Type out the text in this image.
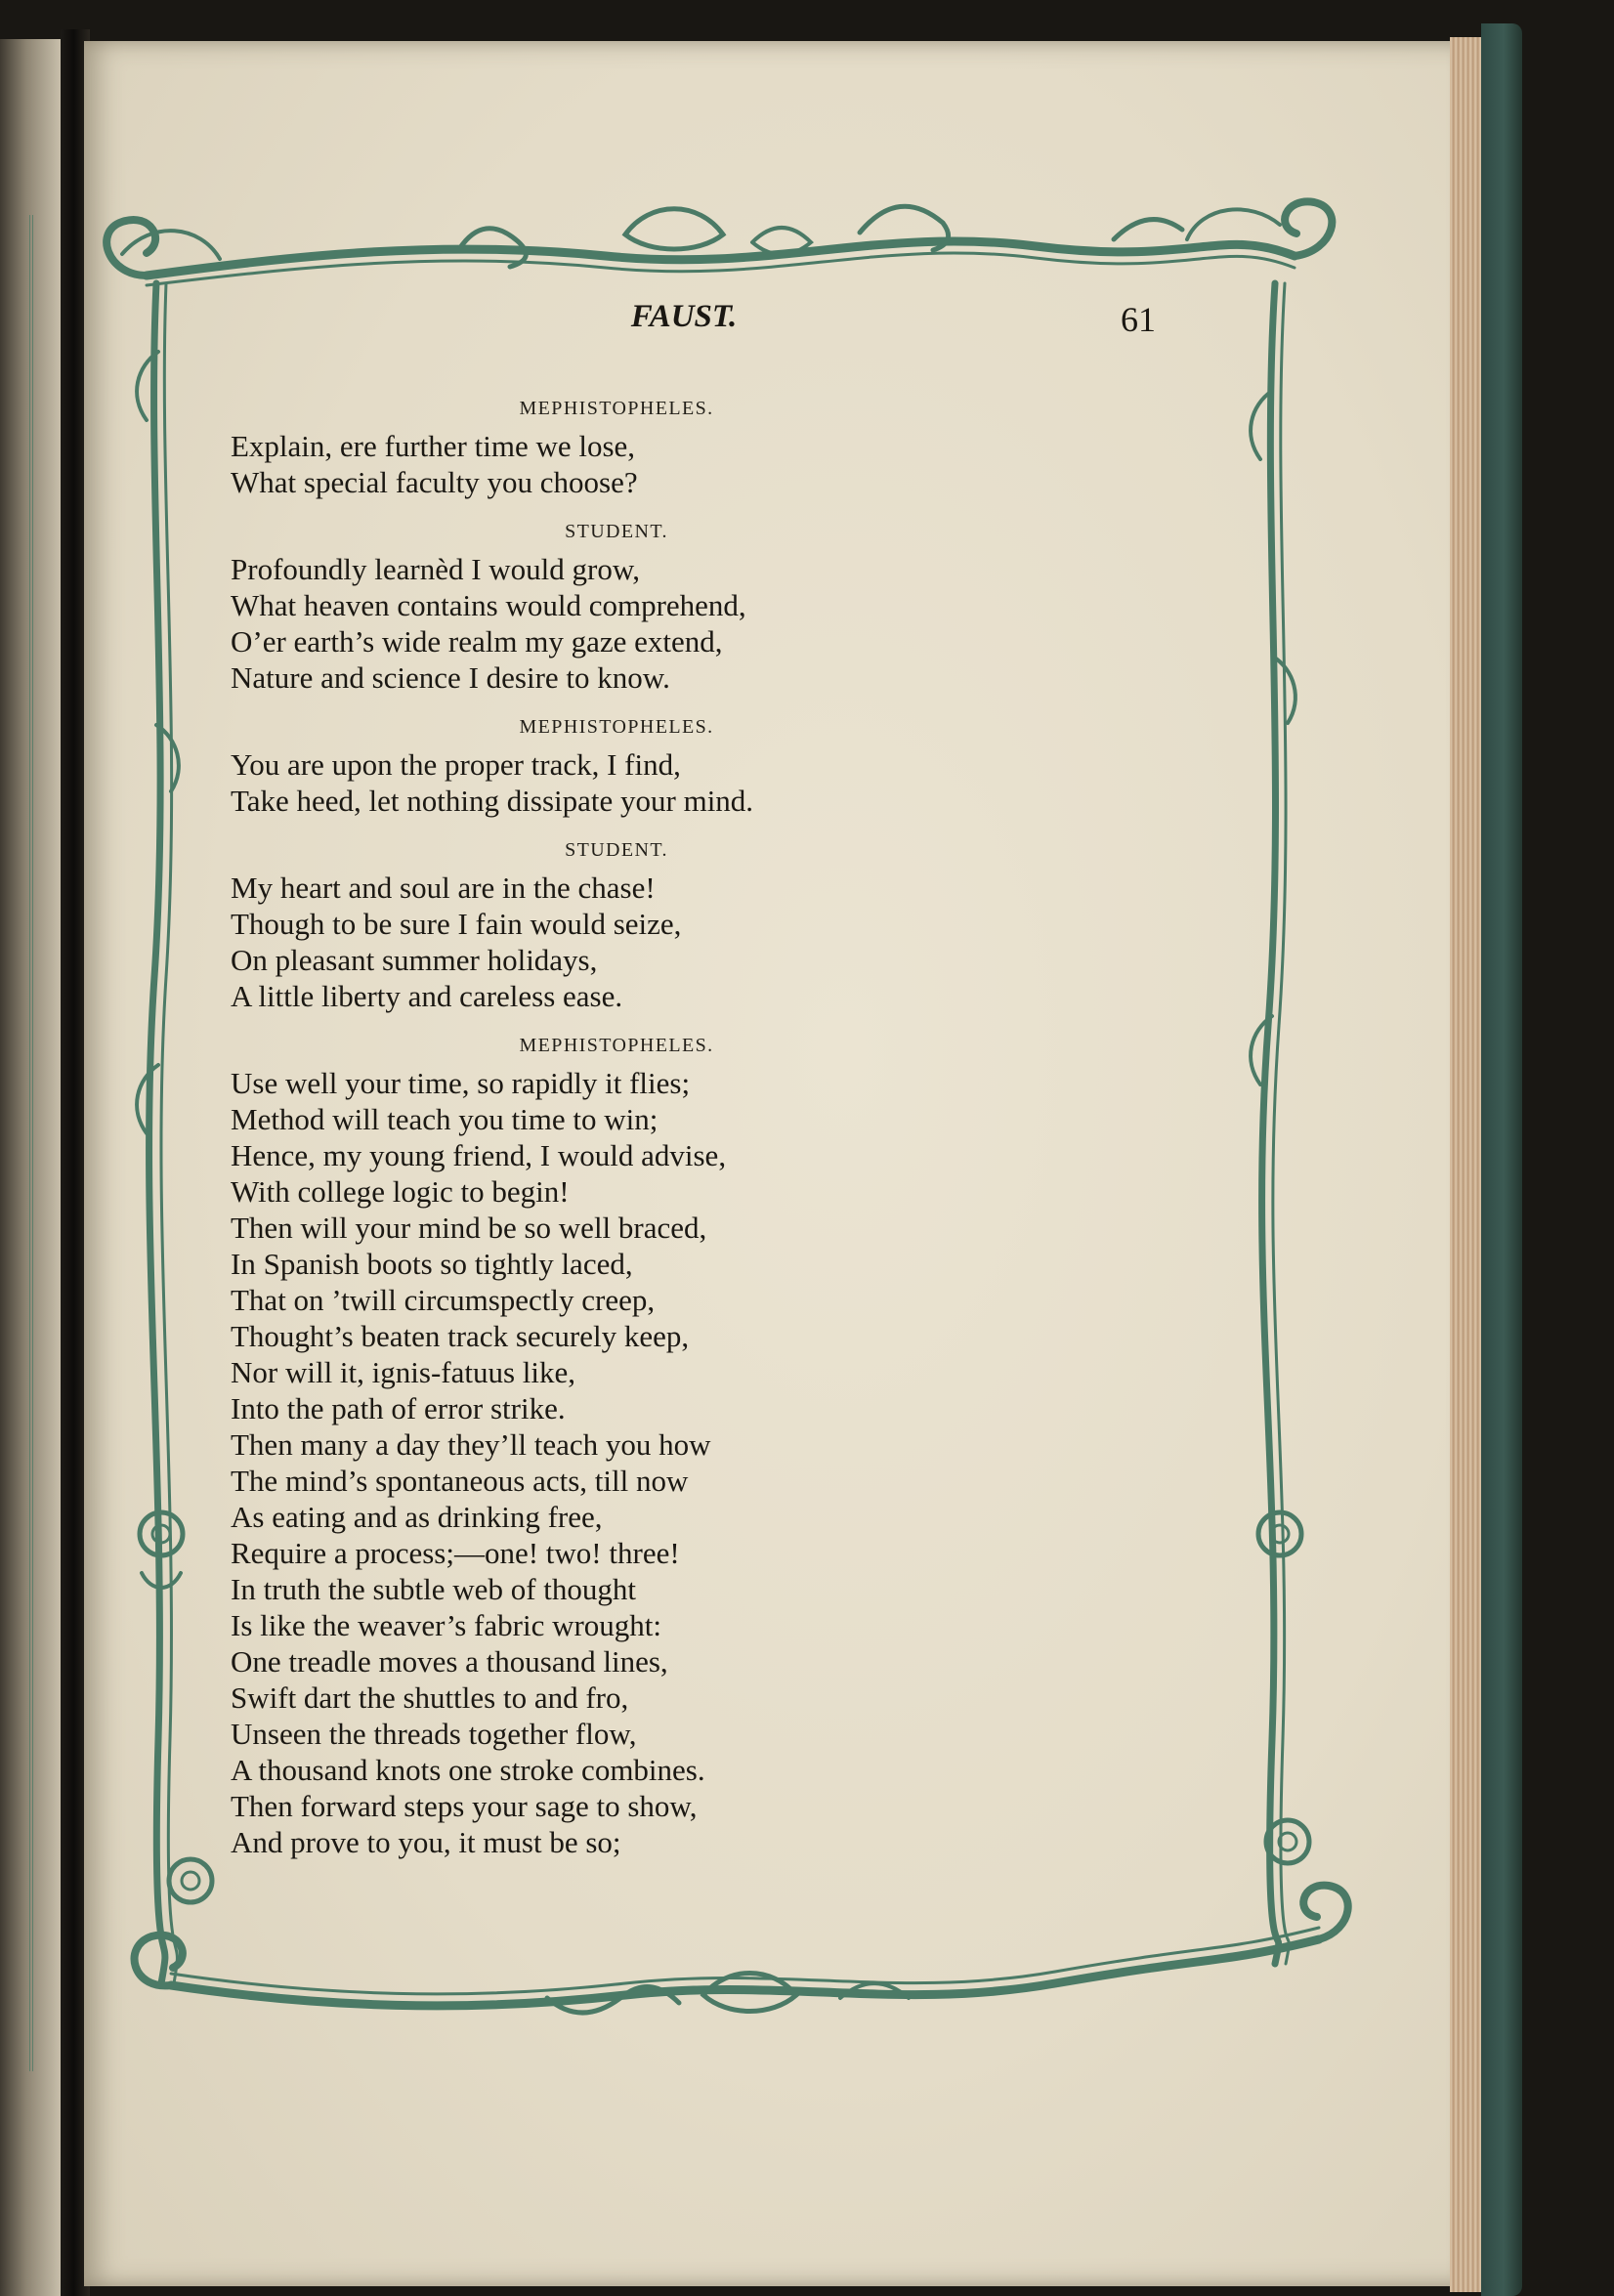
FAUST.	61
MEPHISTOPHELES.
Explain, ere further time we lose,
What special faculty you choose?
STUDENT.
Profoundly learnèd I would grow,
What heaven contains would comprehend,
O’er earth’s wide realm my gaze extend,
Nature and science I desire to know.
MEPHISTOPHELES.
You are upon the proper track, I find,
Take heed, let nothing dissipate your mind.
STUDENT.
My heart and soul are in the chase!
Though to be sure I fain would seize,
On pleasant summer holidays,
A little liberty and careless ease.
MEPHISTOPHELES.
Use well your time, so rapidly it flies;
Method will teach you time to win;
Hence, my young friend, I would advise,
With college logic to begin!
Then will your mind be so well braced,
In Spanish boots so tightly laced,
That on ’twill circumspectly creep,
Thought’s beaten track securely keep,
Nor will it, ignis-fatuus like,
Into the path of error strike.
Then many a day they’ll teach you how
The mind’s spontaneous acts, till now
As eating and as drinking free,
Require a process;—one! two! three!
In truth the subtle web of thought
Is like the weaver’s fabric wrought:
One treadle moves a thousand lines,
Swift dart the shuttles to and fro,
Unseen the threads together flow,
A thousand knots one stroke combines.
Then forward steps your sage to show,
And prove to you, it must be so;
